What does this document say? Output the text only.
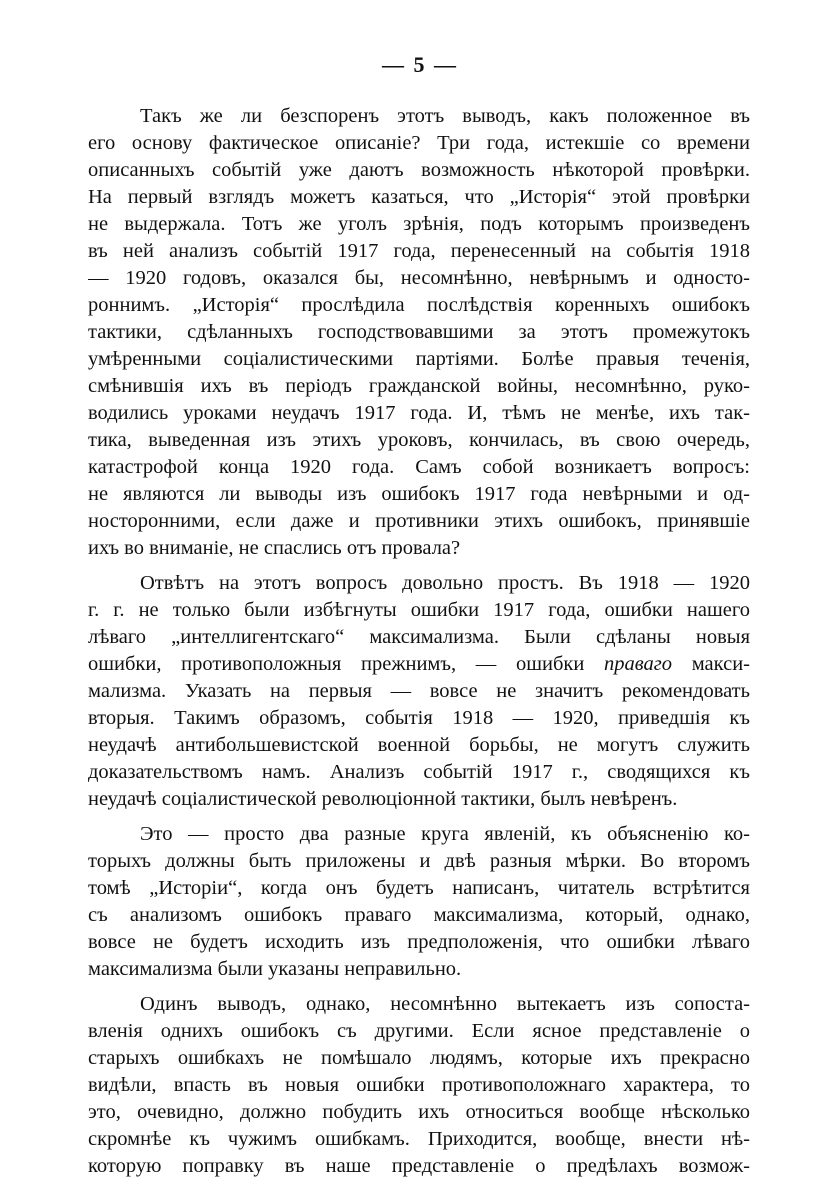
— 5 —
Такъ же ли безспоренъ этотъ выводъ, какъ положенное въ
его основу фактическое описанiе? Три года, истекшiе со времени
описанныхъ событiй уже даютъ возможность нѣкоторой провѣрки.
На первый взглядъ можетъ казаться, что „Исторiя“ этой провѣрки
не выдержала. Тотъ же уголъ зрѣнiя, подъ которымъ произведенъ
въ ней анализъ событiй 1917 года, перенесенный на событiя 1918
— 1920 годовъ, оказался бы, несомнѣнно, невѣрнымъ и односто-
роннимъ. „Исторiя“ прослѣдила послѣдствiя коренныхъ ошибокъ
тактики, сдѣланныхъ господствовавшими за этотъ промежутокъ
умѣренными соцiалистическими партiями. Болѣе правыя теченiя,
смѣнившiя ихъ въ перiодъ гражданской войны, несомнѣнно, руко-
водились уроками неудачъ 1917 года. И, тѣмъ не менѣе, ихъ так-
тика, выведенная изъ этихъ уроковъ, кончилась, въ свою очередь,
катастрофой конца 1920 года. Самъ собой возникаетъ вопросъ:
не являются ли выводы изъ ошибокъ 1917 года невѣрными и од-
носторонними, если даже и противники этихъ ошибокъ, принявшiе
ихъ во вниманiе, не спаслись отъ провала?
Отвѣтъ на этотъ вопросъ довольно простъ. Въ 1918 — 1920
г. г. не только были избѣгнуты ошибки 1917 года, ошибки нашего
лѣваго „интеллигентскаго“ максимализма. Были сдѣланы новыя
ошибки, противоположныя прежнимъ, — ошибки праваго макси-
мализма. Указать на первыя — вовсе не значитъ рекомендовать
вторыя. Такимъ образомъ, событiя 1918 — 1920, приведшiя къ
неудачѣ антибольшевистской военной борьбы, не могутъ служить
доказательствомъ намъ. Анализъ событiй 1917 г., сводящихся къ
неудачѣ соцiалистической революцiонной тактики, былъ невѣренъ.
Это — просто два разные круга явленiй, къ объясненiю ко-
торыхъ должны быть приложены и двѣ разныя мѣрки. Во второмъ
томѣ „Исторiи“, когда онъ будетъ написанъ, читатель встрѣтится
съ анализомъ ошибокъ праваго максимализма, который, однако,
вовсе не будетъ исходить изъ предположенiя, что ошибки лѣваго
максимализма были указаны неправильно.
Одинъ выводъ, однако, несомнѣнно вытекаетъ изъ сопоста-
вленiя однихъ ошибокъ съ другими. Если ясное представленiе о
старыхъ ошибкахъ не помѣшало людямъ, которые ихъ прекрасно
видѣли, впасть въ новыя ошибки противоположнаго характера, то
это, очевидно, должно побудить ихъ относиться вообще нѣсколько
скромнѣе къ чужимъ ошибкамъ. Приходится, вообще, внести нѣ-
которую поправку въ наше представленiе о предѣлахъ возмож-
